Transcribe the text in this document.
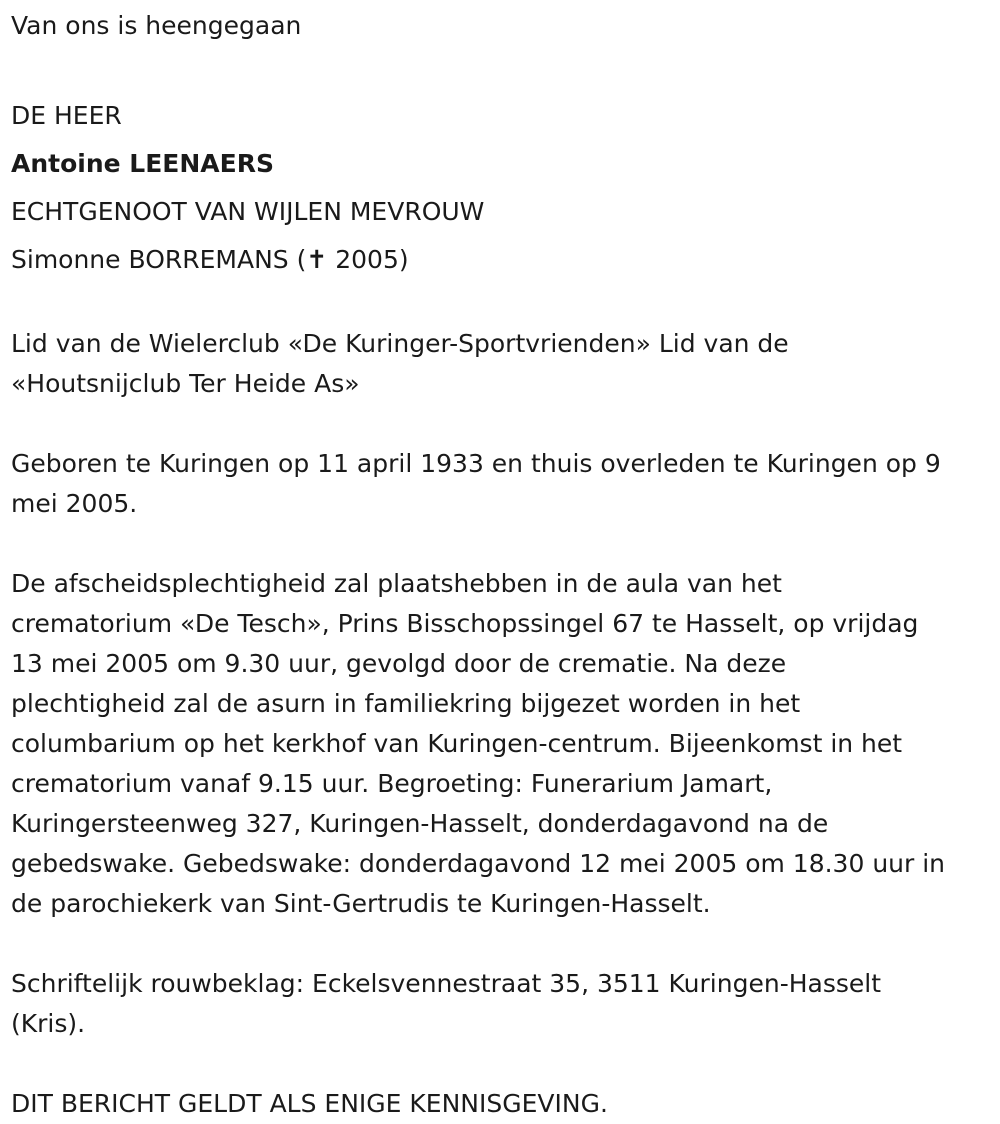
Van ons is heengegaan
DE HEER
Antoine LEENAERS
ECHTGENOOT VAN WIJLEN MEVROUW
Simonne BORREMANS (✝ 2005)
Lid van de Wielerclub «De Kuringer-Sportvrienden» Lid van de
«Houtsnijclub Ter Heide As»
Geboren te Kuringen op 11 april 1933 en thuis overleden te Kuringen op 9
mei 2005.
De afscheidsplechtigheid zal plaatshebben in de aula van het
crematorium «De Tesch», Prins Bisschopssingel 67 te Hasselt, op vrijdag
13 mei 2005 om 9.30 uur, gevolgd door de crematie. Na deze
plechtigheid zal de asurn in familiekring bijgezet worden in het
columbarium op het kerkhof van Kuringen-centrum. Bijeenkomst in het
crematorium vanaf 9.15 uur. Begroeting: Funerarium Jamart,
Kuringersteenweg 327, Kuringen-Hasselt, donderdagavond na de
gebedswake. Gebedswake: donderdagavond 12 mei 2005 om 18.30 uur in
de parochiekerk van Sint-Gertrudis te Kuringen-Hasselt.
Schriftelijk rouwbeklag: Eckelsvennestraat 35, 3511 Kuringen-Hasselt
(Kris).
DIT BERICHT GELDT ALS ENIGE KENNISGEVING.
